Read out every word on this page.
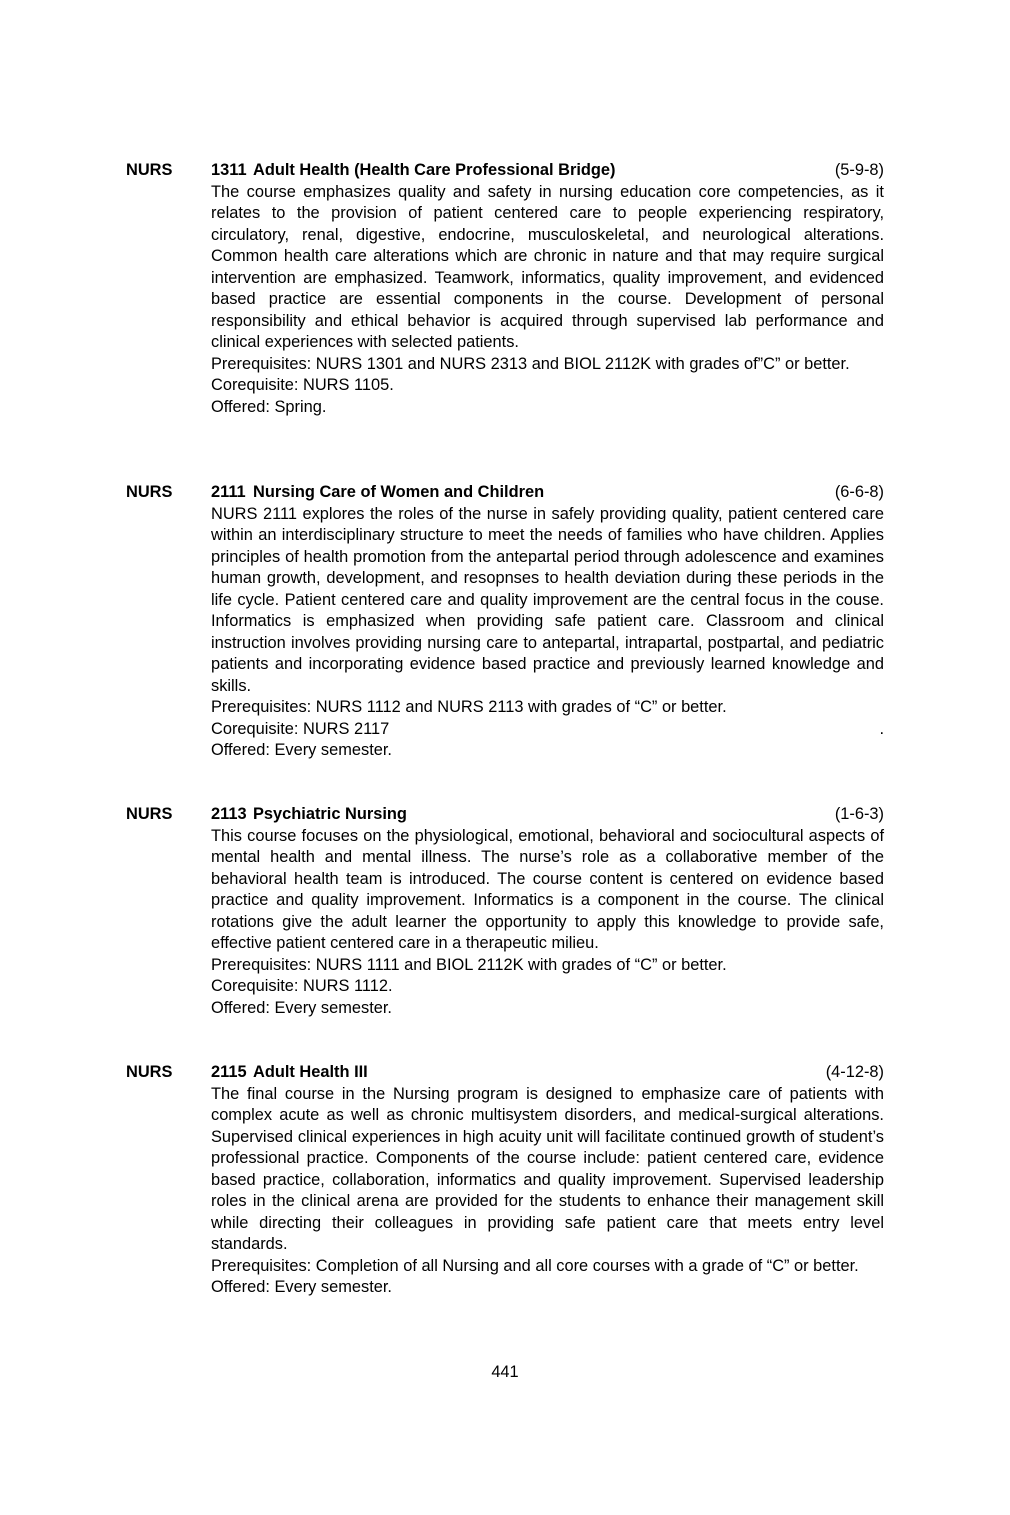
NURS 1311 Adult Health (Health Care Professional Bridge)	(5-9-8)

The course emphasizes quality and safety in nursing education core competencies, as it relates to the provision of patient centered care to people experiencing respiratory, circulatory, renal, digestive, endocrine, musculoskeletal, and neurological alterations. Common health care alterations which are chronic in nature and that may require surgical intervention are emphasized. Teamwork, informatics, quality improvement, and evidenced based practice are essential components in the course. Development of personal responsibility and ethical behavior is acquired through supervised lab performance and clinical experiences with selected patients.

Prerequisites: NURS 1301 and NURS 2313 and BIOL 2112K with grades of”C” or better.

Corequisite: NURS 1105.

Offered: Spring.

NURS 2111 Nursing Care of Women and Children	(6-6-8)

NURS 2111 explores the roles of the nurse in safely providing quality, patient centered care within an interdisciplinary structure to meet the needs of families who have children. Applies principles of health promotion from the antepartal period through adolescence and examines human growth, development, and resopnses to health deviation during these periods in the life cycle. Patient centered care and quality improvement are the central focus in the couse. Informatics is emphasized when providing safe patient care. Classroom and clinical instruction involves providing nursing care to antepartal, intrapartal, postpartal, and pediatric patients and incorporating evidence based practice and previously learned knowledge and skills.

Prerequisites: NURS 1112 and NURS 2113 with grades of “C” or better.

Corequisite: NURS 2117	.

Offered: Every semester.

NURS 2113 Psychiatric Nursing	(1-6-3)

This course focuses on the physiological, emotional, behavioral and sociocultural aspects of mental health and mental illness. The nurse’s role as a collaborative member of the behavioral health team is introduced. The course content is centered on evidence based practice and quality improvement. Informatics is a component in the course. The clinical rotations give the adult learner the opportunity to apply this knowledge to provide safe, effective patient centered care in a therapeutic milieu.

Prerequisites: NURS 1111 and BIOL 2112K with grades of “C” or better.

Corequisite: NURS 1112.

Offered: Every semester.

NURS 2115 Adult Health III	(4-12-8)

The final course in the Nursing program is designed to emphasize care of patients with complex acute as well as chronic multisystem disorders, and medical-surgical alterations. Supervised clinical experiences in high acuity unit will facilitate continued growth of student’s professional practice. Components of the course include: patient centered care, evidence based practice, collaboration, informatics and quality improvement. Supervised leadership roles in the clinical arena are provided for the students to enhance their management skill while directing their colleagues in providing safe patient care that meets entry level standards.

Prerequisites: Completion of all Nursing and all core courses with a grade of “C” or better.

Offered: Every semester.

441
